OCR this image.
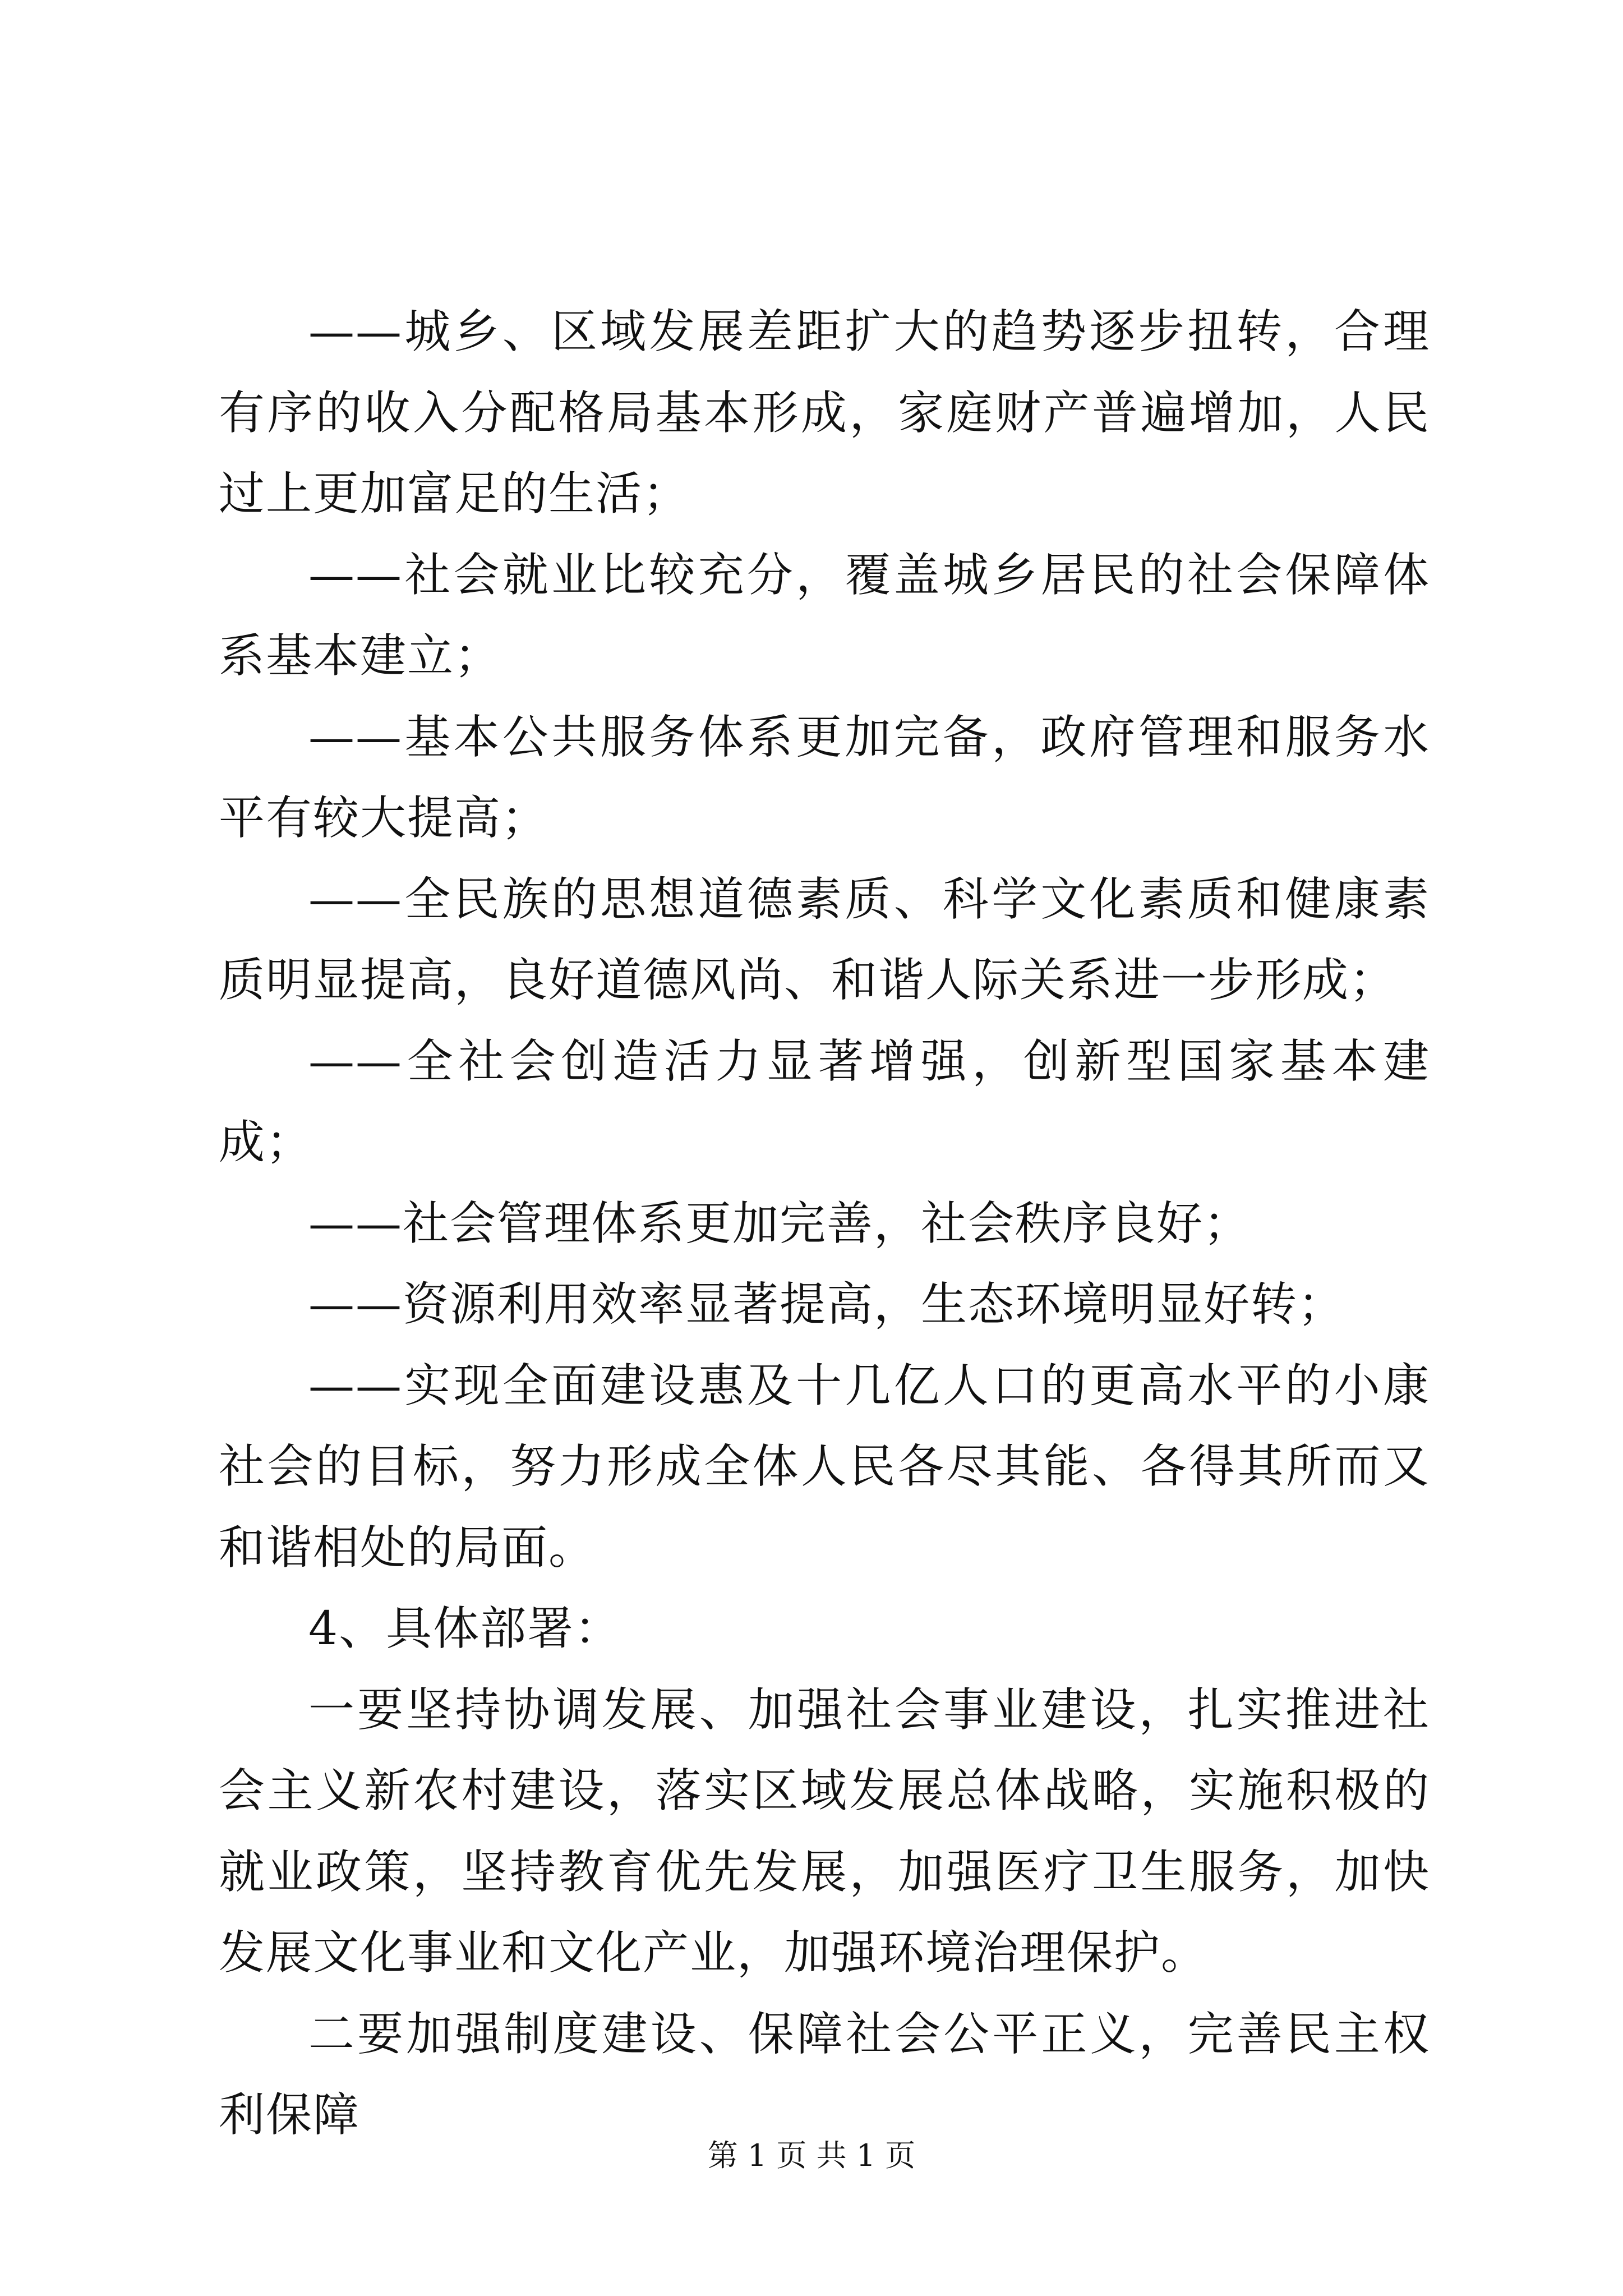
——城乡、区域发展差距扩大的趋势逐步扭转，合理有序的收入分配格局基本形成，家庭财产普遍增加，人民过上更加富足的生活；

——社会就业比较充分，覆盖城乡居民的社会保障体系基本建立；

——基本公共服务体系更加完备，政府管理和服务水平有较大提高；

——全民族的思想道德素质、科学文化素质和健康素质明显提高，良好道德风尚、和谐人际关系进一步形成；

——全社会创造活力显著增强，创新型国家基本建成；

——社会管理体系更加完善，社会秩序良好；

——资源利用效率显著提高，生态环境明显好转；

——实现全面建设惠及十几亿人口的更高水平的小康社会的目标，努力形成全体人民各尽其能、各得其所而又和谐相处的局面。

4、具体部署：

一要坚持协调发展、加强社会事业建设，扎实推进社会主义新农村建设，落实区域发展总体战略，实施积极的就业政策，坚持教育优先发展，加强医疗卫生服务，加快发展文化事业和文化产业，加强环境治理保护。

二要加强制度建设、保障社会公平正义，完善民主权利保障

第 1 页 共 1 页
